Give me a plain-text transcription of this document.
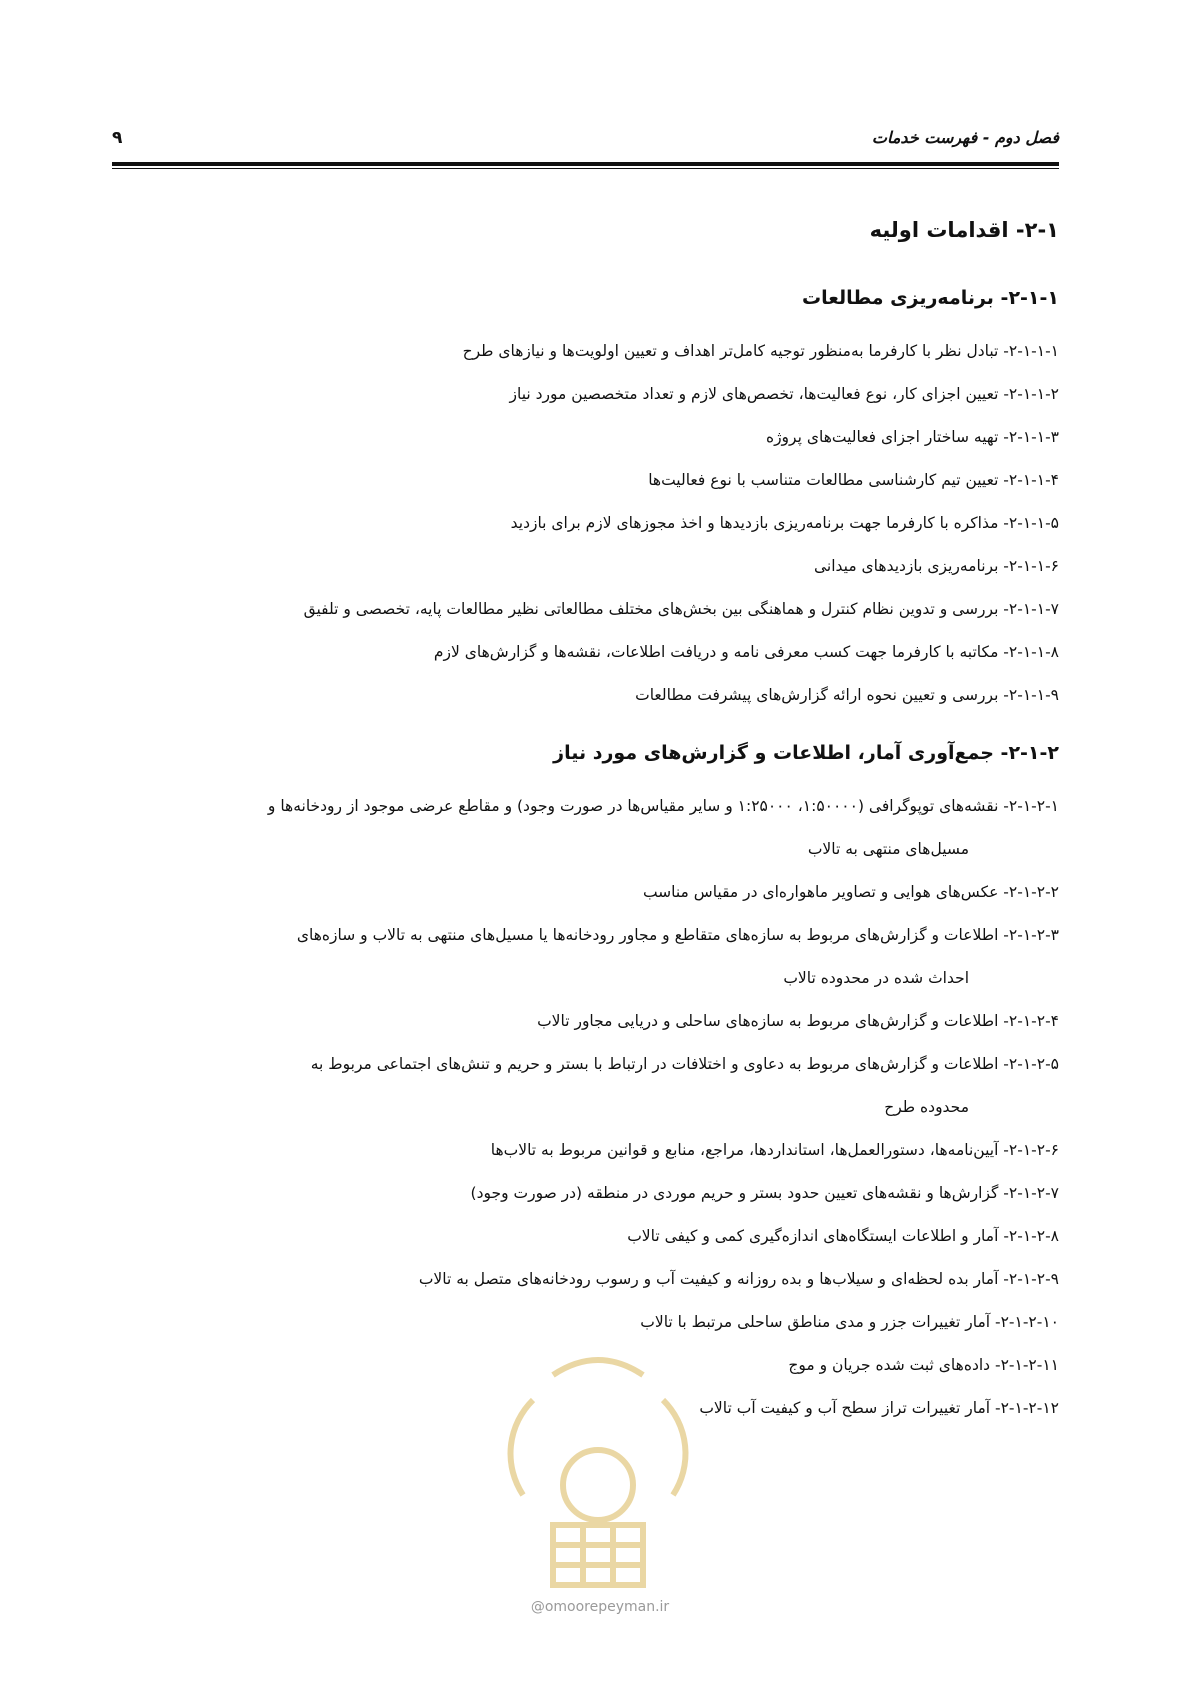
فصل دوم - فهرست خدمات
۹
۲-۱- اقدامات اولیه
۲-۱-۱- برنامه‌ریزی مطالعات
۲-۱-۱-۱- تبادل نظر با کارفرما به‌منظور توجیه کامل‌تر اهداف و تعیین اولویت‌ها و نیازهای طرح
۲-۱-۱-۲- تعیین اجزای کار، نوع فعالیت‌ها، تخصص‌های لازم و تعداد متخصصین مورد نیاز
۲-۱-۱-۳- تهیه ساختار اجزای فعالیت‌های پروژه
۲-۱-۱-۴- تعیین تیم کارشناسی مطالعات متناسب با نوع فعالیت‌ها
۲-۱-۱-۵- مذاکره با کارفرما جهت برنامه‌ریزی بازدیدها و اخذ مجوزهای لازم برای بازدید
۲-۱-۱-۶- برنامه‌ریزی بازدیدهای میدانی
۲-۱-۱-۷- بررسی و تدوین نظام کنترل و هماهنگی بین بخش‌های مختلف مطالعاتی نظیر مطالعات پایه، تخصصی و تلفیق
۲-۱-۱-۸- مکاتبه با کارفرما جهت کسب معرفی نامه و دریافت اطلاعات، نقشه‌ها و گزارش‌های لازم
۲-۱-۱-۹- بررسی و تعیین نحوه ارائه گزارش‌های پیشرفت مطالعات
۲-۱-۲- جمع‌آوری آمار، اطلاعات و گزارش‌های مورد نیاز
۲-۱-۲-۱- نقشه‌های توپوگرافی (۱:۵۰۰۰۰، ۱:۲۵۰۰۰ و سایر مقیاس‌ها در صورت وجود) و مقاطع عرضی موجود از رودخانه‌ها و
مسیل‌های منتهی به تالاب
۲-۱-۲-۲- عکس‌های هوایی و تصاویر ماهواره‌ای در مقیاس مناسب
۲-۱-۲-۳- اطلاعات و گزارش‌های مربوط به سازه‌های متقاطع و مجاور رودخانه‌ها یا مسیل‌های منتهی به تالاب و سازه‌های
احداث شده در محدوده تالاب
۲-۱-۲-۴- اطلاعات و گزارش‌های مربوط به سازه‌های ساحلی و دریایی مجاور تالاب
۲-۱-۲-۵- اطلاعات و گزارش‌های مربوط به دعاوی و اختلافات در ارتباط با بستر و حریم و تنش‌های اجتماعی مربوط به
محدوده طرح
۲-۱-۲-۶- آیین‌نامه‌ها، دستورالعمل‌ها، استانداردها، مراجع، منابع و قوانین مربوط به تالاب‌ها
۲-۱-۲-۷- گزارش‌ها و نقشه‌های تعیین حدود بستر و حریم موردی در منطقه (در صورت وجود)
۲-۱-۲-۸- آمار و اطلاعات ایستگاه‌های اندازه‌گیری کمی و کیفی تالاب
۲-۱-۲-۹- آمار بده لحظه‌ای و سیلاب‌ها و بده روزانه و کیفیت آب و رسوب رودخانه‌های متصل به تالاب
۲-۱-۲-۱۰- آمار تغییرات جزر و مدی مناطق ساحلی مرتبط با تالاب
۲-۱-۲-۱۱- داده‌های ثبت شده جریان و موج
۲-۱-۲-۱۲- آمار تغییرات تراز سطح آب و کیفیت آب تالاب
@omoorepeyman.ir
